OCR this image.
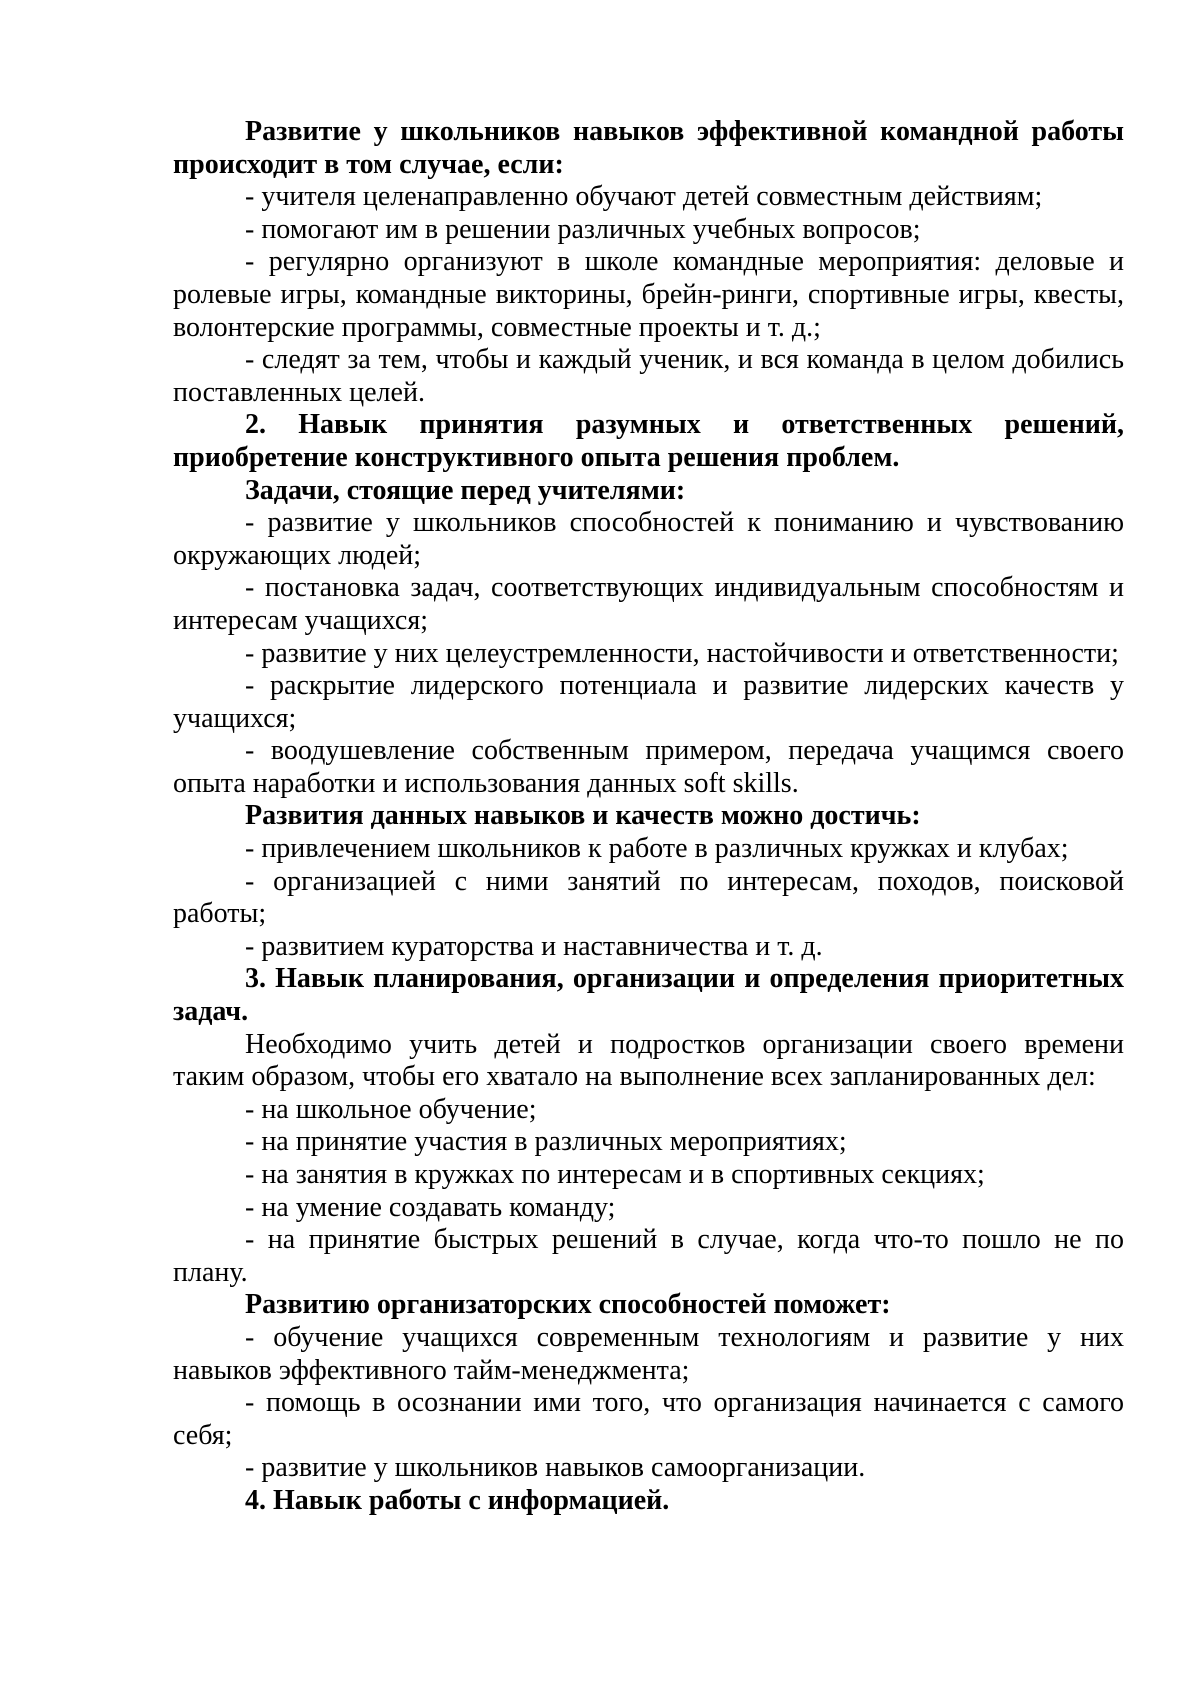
Развитие у школьников навыков эффективной командной работы происходит в том случае, если:

- учителя целенаправленно обучают детей совместным действиям;

- помогают им в решении различных учебных вопросов;

- регулярно организуют в школе командные мероприятия: деловые и ролевые игры, командные викторины, брейн-ринги, спортивные игры, квесты, волонтерские программы, совместные проекты и т. д.;

- следят за тем, чтобы и каждый ученик, и вся команда в целом добились поставленных целей.

2. Навык принятия разумных и ответственных решений, приобретение конструктивного опыта решения проблем.

Задачи, стоящие перед учителями:

- развитие у школьников способностей к пониманию и чувствованию окружающих людей;

- постановка задач, соответствующих индивидуальным способностям и интересам учащихся;

- развитие у них целеустремленности, настойчивости и ответственности;

- раскрытие лидерского потенциала и развитие лидерских качеств у учащихся;

- воодушевление собственным примером, передача учащимся своего опыта наработки и использования данных soft skills.

Развития данных навыков и качеств можно достичь:

- привлечением школьников к работе в различных кружках и клубах;

- организацией с ними занятий по интересам, походов, поисковой работы;

- развитием кураторства и наставничества и т. д.

3. Навык планирования, организации и определения приоритетных задач.

Необходимо учить детей и подростков организации своего времени таким образом, чтобы его хватало на выполнение всех запланированных дел:

- на школьное обучение;

- на принятие участия в различных мероприятиях;

- на занятия в кружках по интересам и в спортивных секциях;

- на умение создавать команду;

- на принятие быстрых решений в случае, когда что-то пошло не по плану.

Развитию организаторских способностей поможет:

- обучение учащихся современным технологиям и развитие у них навыков эффективного тайм-менеджмента;

- помощь в осознании ими того, что организация начинается с самого себя;

- развитие у школьников навыков самоорганизации.

4. Навык работы с информацией.
